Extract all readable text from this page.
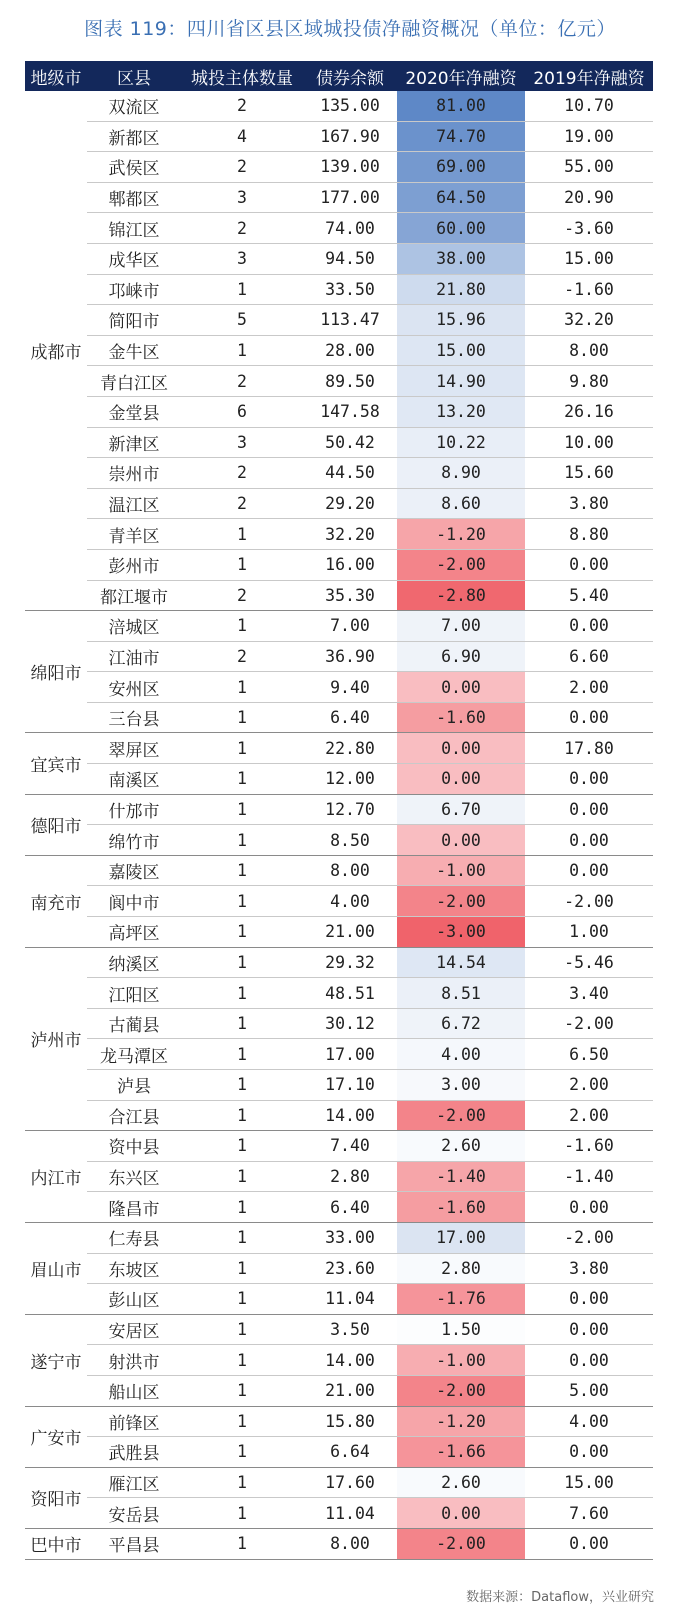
图表 119：四川省区县区域城投债净融资概况（单位：亿元）
地级市	区县	城投主体数量	债券余额	2020年净融资	2019年净融资
成都市	双流区	2	135.00	81.00	10.70
	新都区	4	167.90	74.70	19.00
	武侯区	2	139.00	69.00	55.00
	郫都区	3	177.00	64.50	20.90
	锦江区	2	74.00	60.00	-3.60
	成华区	3	94.50	38.00	15.00
	邛崃市	1	33.50	21.80	-1.60
	简阳市	5	113.47	15.96	32.20
	金牛区	1	28.00	15.00	8.00
	青白江区	2	89.50	14.90	9.80
	金堂县	6	147.58	13.20	26.16
	新津区	3	50.42	10.22	10.00
	崇州市	2	44.50	8.90	15.60
	温江区	2	29.20	8.60	3.80
	青羊区	1	32.20	-1.20	8.80
	彭州市	1	16.00	-2.00	0.00
	都江堰市	2	35.30	-2.80	5.40
绵阳市	涪城区	1	7.00	7.00	0.00
	江油市	2	36.90	6.90	6.60
	安州区	1	9.40	0.00	2.00
	三台县	1	6.40	-1.60	0.00
宜宾市	翠屏区	1	22.80	0.00	17.80
	南溪区	1	12.00	0.00	0.00
德阳市	什邡市	1	12.70	6.70	0.00
	绵竹市	1	8.50	0.00	0.00
南充市	嘉陵区	1	8.00	-1.00	0.00
	阆中市	1	4.00	-2.00	-2.00
	高坪区	1	21.00	-3.00	1.00
泸州市	纳溪区	1	29.32	14.54	-5.46
	江阳区	1	48.51	8.51	3.40
	古蔺县	1	30.12	6.72	-2.00
	龙马潭区	1	17.00	4.00	6.50
	泸县	1	17.10	3.00	2.00
	合江县	1	14.00	-2.00	2.00
内江市	资中县	1	7.40	2.60	-1.60
	东兴区	1	2.80	-1.40	-1.40
	隆昌市	1	6.40	-1.60	0.00
眉山市	仁寿县	1	33.00	17.00	-2.00
	东坡区	1	23.60	2.80	3.80
	彭山区	1	11.04	-1.76	0.00
遂宁市	安居区	1	3.50	1.50	0.00
	射洪市	1	14.00	-1.00	0.00
	船山区	1	21.00	-2.00	5.00
广安市	前锋区	1	15.80	-1.20	4.00
	武胜县	1	6.64	-1.66	0.00
资阳市	雁江区	1	17.60	2.60	15.00
	安岳县	1	11.04	0.00	7.60
巴中市	平昌县	1	8.00	-2.00	0.00
数据来源：Dataflow，兴业研究
